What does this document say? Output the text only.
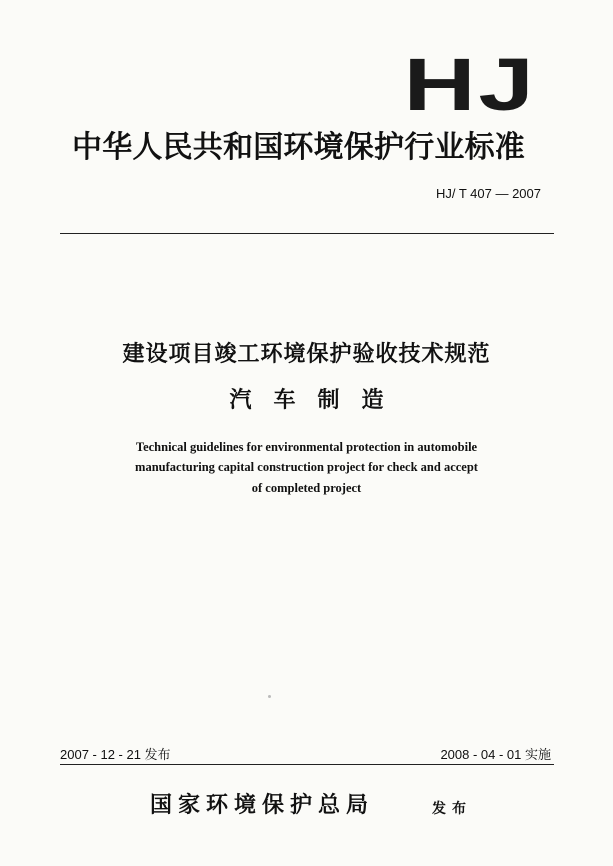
HJ
中华人民共和国环境保护行业标准
HJ/ T 407 — 2007
建设项目竣工环境保护验收技术规范
汽车制造
Technical guidelines for environmental protection in automobile
manufacturing capital construction project for check and accept
of completed project
2007 - 12 - 21 发布	2008 - 04 - 01 实施
国家环境保护总局	发布
